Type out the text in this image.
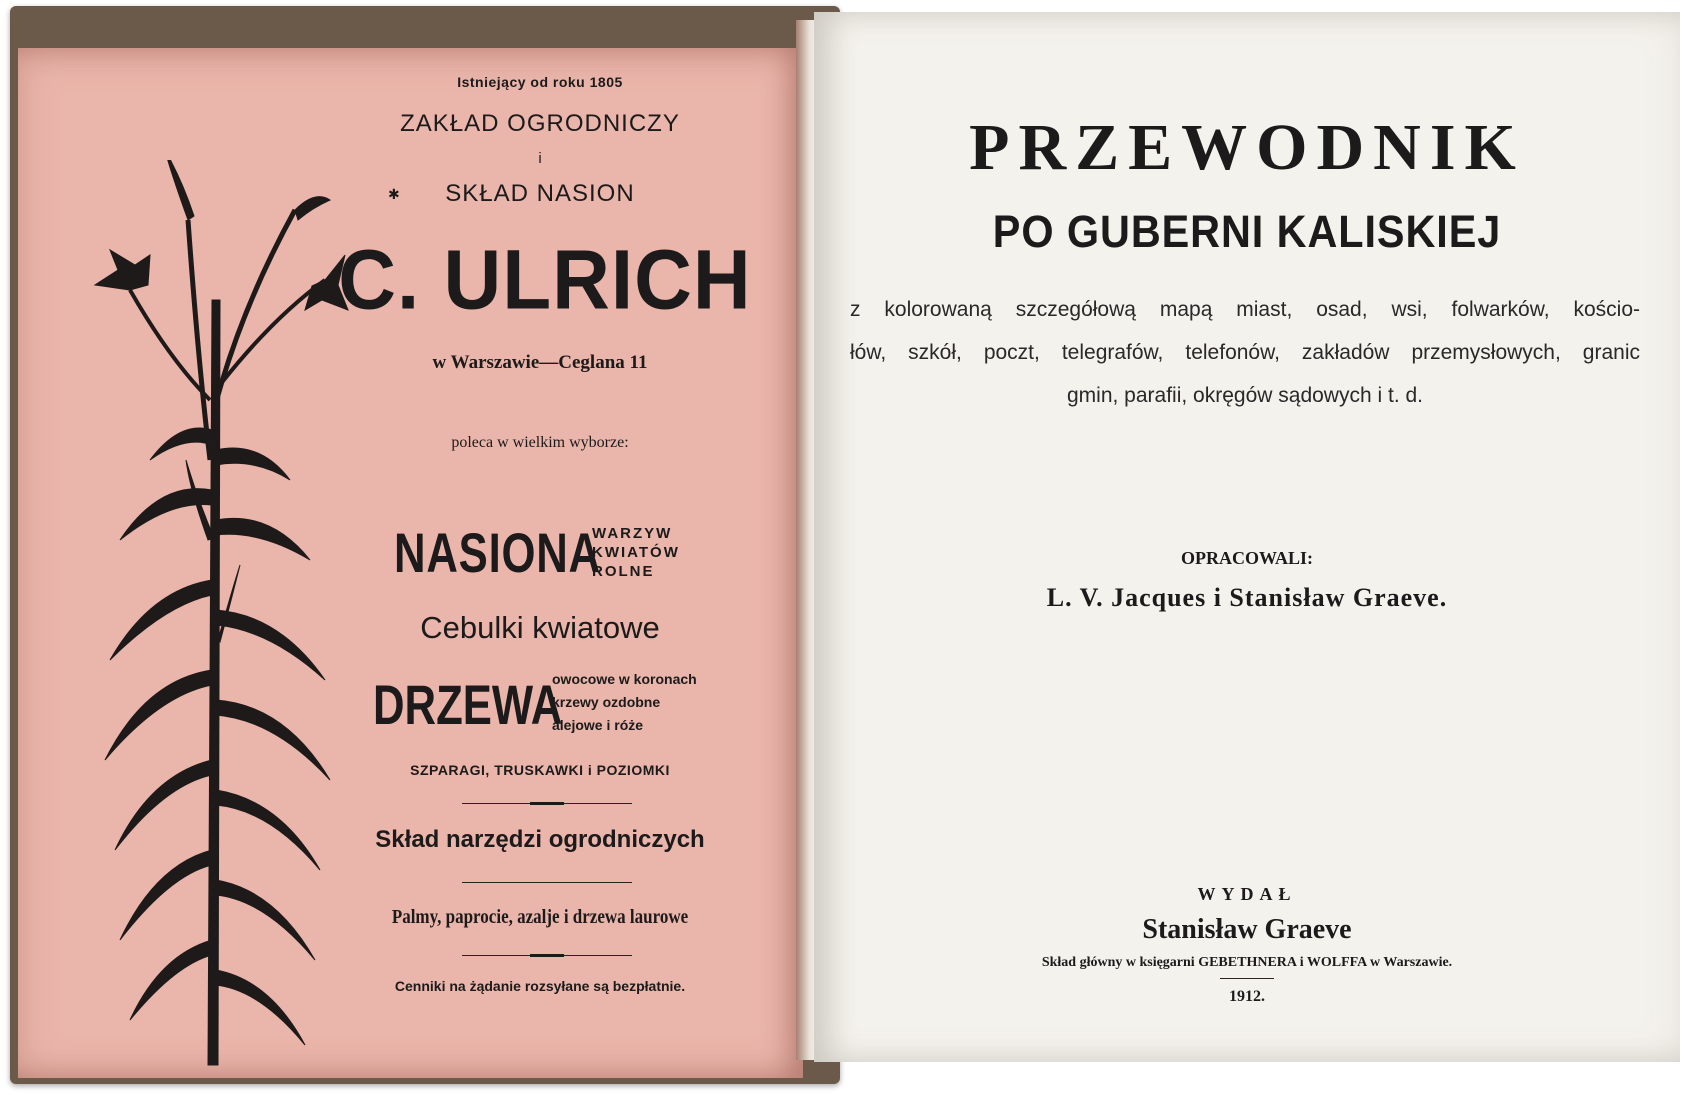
Istniejący od roku 1805
ZAKŁAD OGRODNICZY
i
✱	SKŁAD NASION
C. ULRICH
w Warszawie—Ceglana 11
poleca w wielkim wyborze:
NASIONA
WARZYW
KWIATÓW
ROLNE
Cebulki kwiatowe
DRZEWA
owocowe w koronach
krzewy ozdobne
alejowe i róże
SZPARAGI, TRUSKAWKI i POZIOMKI
Skład narzędzi ogrodniczych
Palmy, paprocie, azalje i drzewa laurowe
Cenniki na żądanie rozsyłane są bezpłatnie.
PRZEWODNIK
PO GUBERNI KALISKIEJ
z kolorowaną szczegółową mapą miast, osad, wsi, folwarków, kościo-
łów, szkół, poczt, telegrafów, telefonów, zakładów przemysłowych, granic
gmin, parafii, okręgów sądowych i t. d.
OPRACOWALI:
L. V. Jacques i Stanisław Graeve.
WYDAŁ
Stanisław Graeve
Skład główny w księgarni GEBETHNERA i WOLFFA w Warszawie.
1912.
